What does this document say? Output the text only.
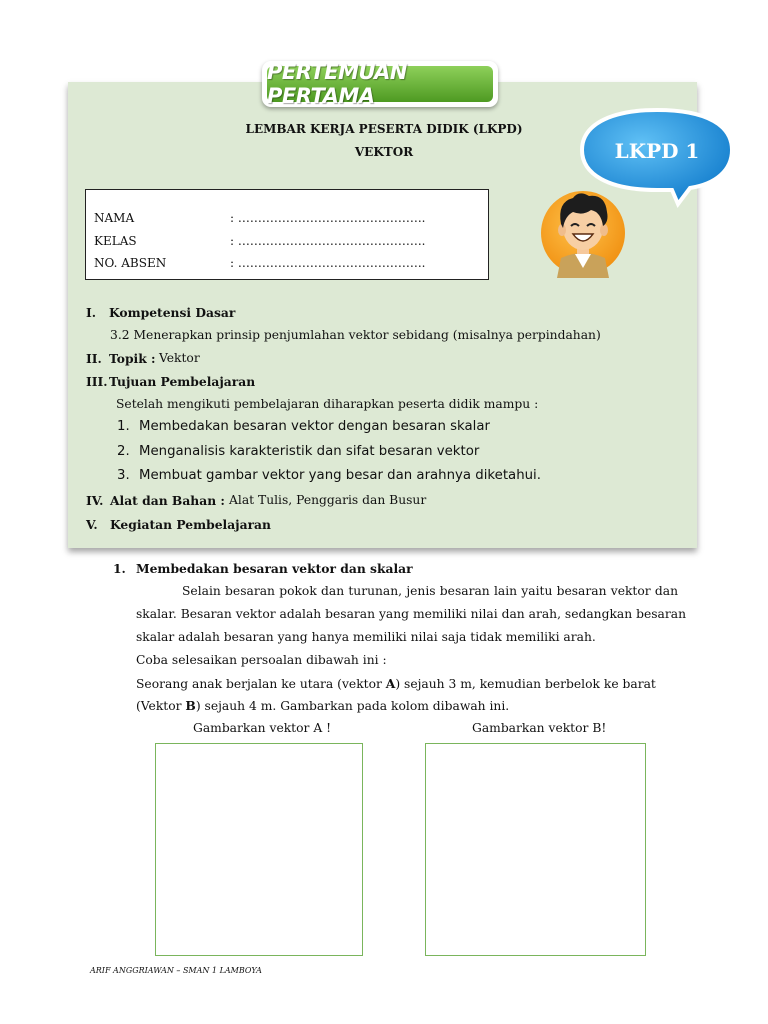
PERTEMUAN PERTAMA
LEMBAR KERJA PESERTA DIDIK (LKPD)
VEKTOR	LKPD 1
NAMA	: ………………………………………..
KELAS	: ………………………………………..
NO. ABSEN	: ………………………………………..
I. Kompetensi Dasar
3.2 Menerapkan prinsip penjumlahan vektor sebidang (misalnya perpindahan)
II. Topik : Vektor
III. Tujuan Pembelajaran
Setelah mengikuti pembelajaran diharapkan peserta didik mampu :
1. Membedakan besaran vektor dengan besaran skalar
2. Menganalisis karakteristik dan sifat besaran vektor
3. Membuat gambar vektor yang besar dan arahnya diketahui.
IV. Alat dan Bahan : Alat Tulis, Penggaris dan Busur
V. Kegiatan Pembelajaran
1. Membedakan besaran vektor dan skalar
Selain besaran pokok dan turunan, jenis besaran lain yaitu besaran vektor dan
skalar. Besaran vektor adalah besaran yang memiliki nilai dan arah, sedangkan besaran
skalar adalah besaran yang hanya memiliki nilai saja tidak memiliki arah.
Coba selesaikan persoalan dibawah ini :
Seorang anak berjalan ke utara (vektor A) sejauh 3 m, kemudian berbelok ke barat
(Vektor B) sejauh 4 m. Gambarkan pada kolom dibawah ini.
Gambarkan vektor A !	Gambarkan vektor B!
ARIF ANGGRIAWAN – SMAN 1 LAMBOYA
